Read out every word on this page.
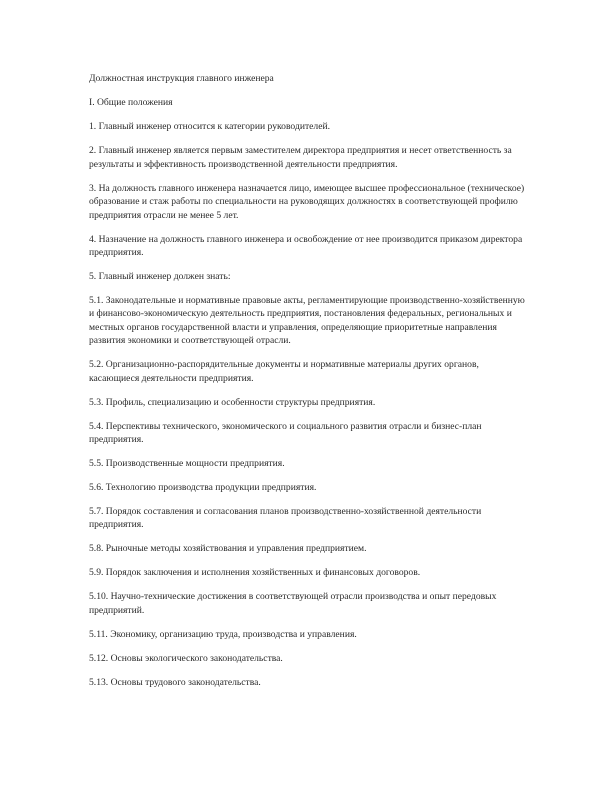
Должностная инструкция главного инженера

I. Общие положения

1. Главный инженер относится к категории руководителей.

2. Главный инженер является первым заместителем директора предприятия и несет ответственность за результаты и эффективность производственной деятельности предприятия.

3. На должность главного инженера назначается лицо, имеющее высшее профессиональное (техническое) образование и стаж работы по специальности на руководящих должностях в соответствующей профилю предприятия отрасли не менее 5 лет.

4. Назначение на должность главного инженера и освобождение от нее производится приказом директора предприятия.

5. Главный инженер должен знать:

5.1. Законодательные и нормативные правовые акты, регламентирующие производственно-хозяйственную и финансово-экономическую деятельность предприятия, постановления федеральных, региональных и местных органов государственной власти и управления, определяющие приоритетные направления развития экономики и соответствующей отрасли.

5.2. Организационно-распорядительные документы и нормативные материалы других органов, касающиеся деятельности предприятия.

5.3. Профиль, специализацию и особенности структуры предприятия.

5.4. Перспективы технического, экономического и социального развития отрасли и бизнес-план предприятия.

5.5. Производственные мощности предприятия.

5.6. Технологию производства продукции предприятия.

5.7. Порядок составления и согласования планов производственно-хозяйственной деятельности предприятия.

5.8. Рыночные методы хозяйствования и управления предприятием.

5.9. Порядок заключения и исполнения хозяйственных и финансовых договоров.

5.10. Научно-технические достижения в соответствующей отрасли производства и опыт передовых предприятий.

5.11. Экономику, организацию труда, производства и управления.

5.12. Основы экологического законодательства.

5.13. Основы трудового законодательства.
